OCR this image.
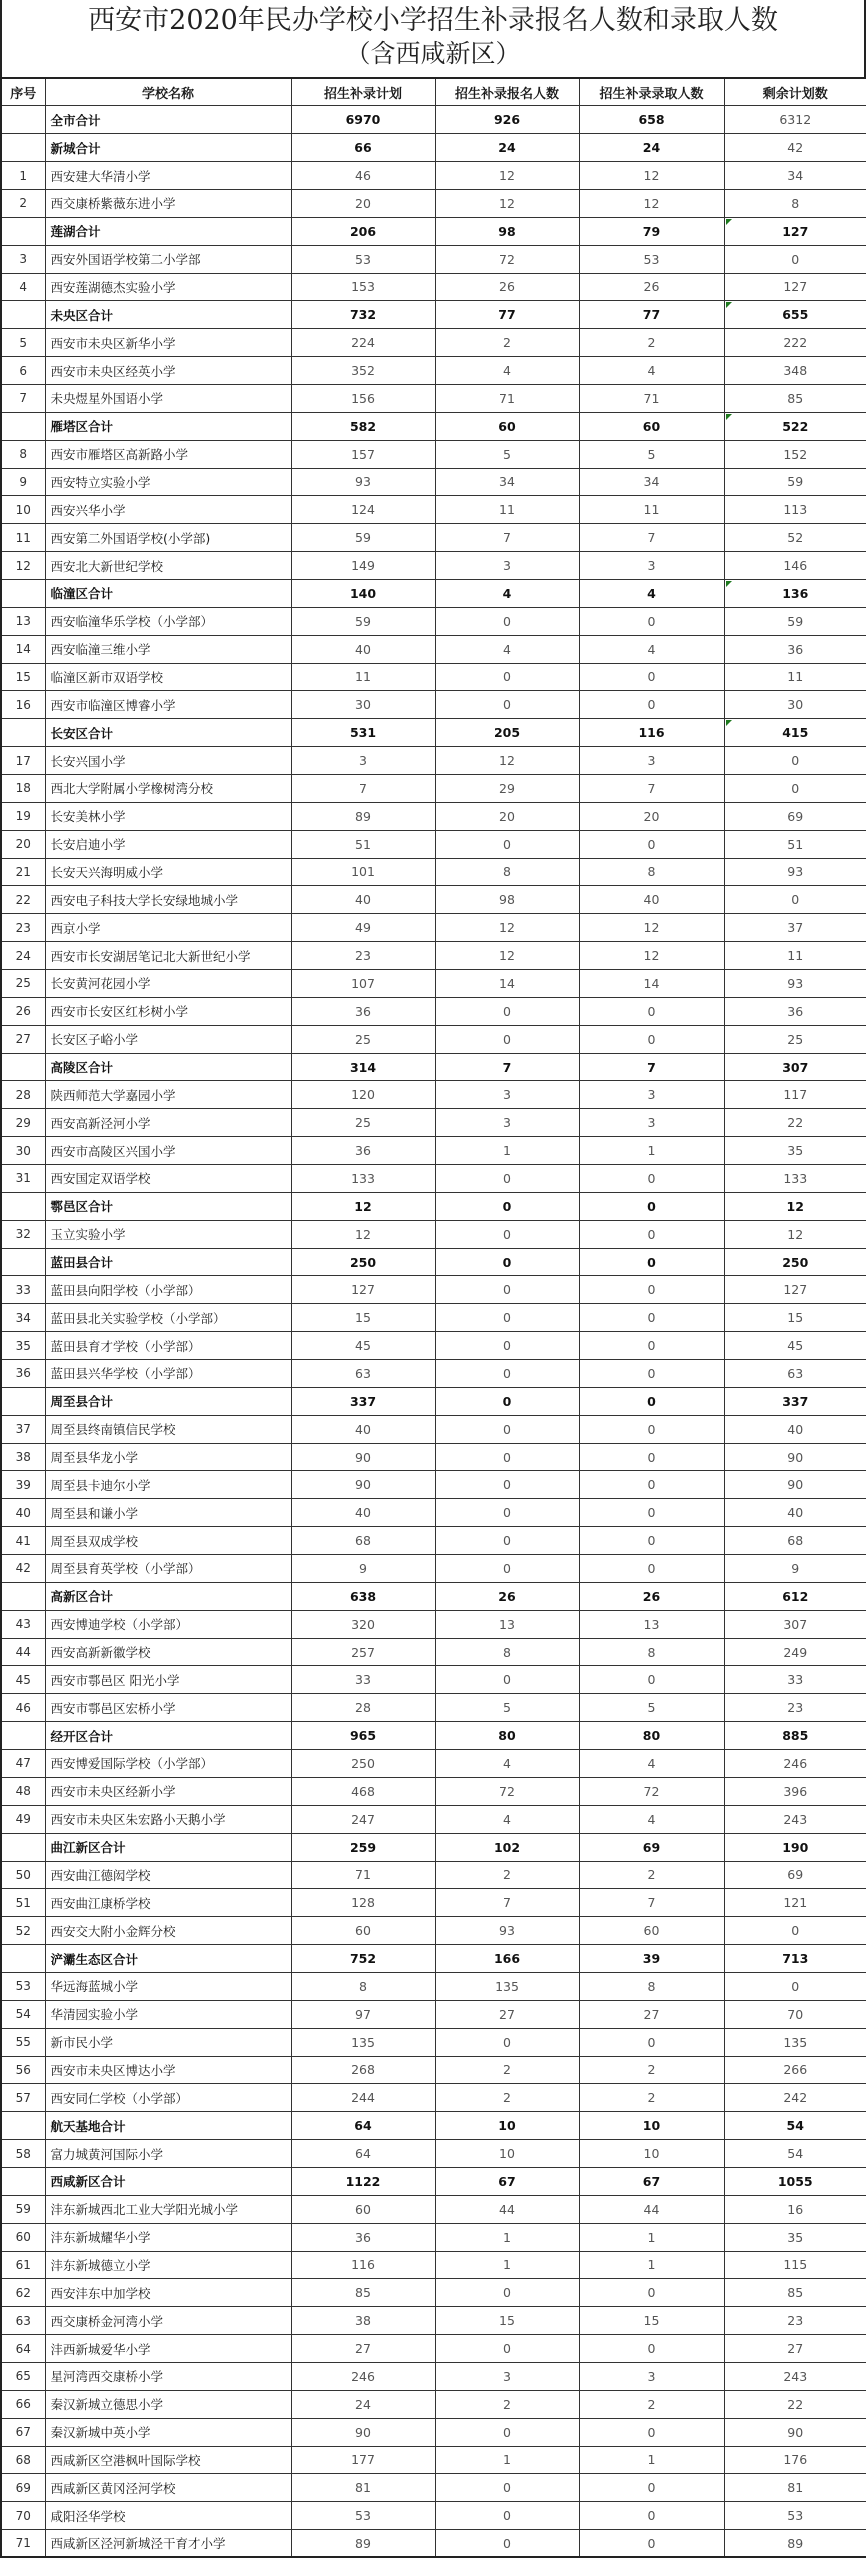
西安市2020年民办学校小学招生补录报名人数和录取人数
（含西咸新区）
序号	学校名称	招生补录计划	招生补录报名人数	招生补录录取人数	剩余计划数
	全市合计	6970	926	658	6312
	新城合计	66	24	24	42
1	西安建大华清小学	46	12	12	34
2	西交康桥紫薇东进小学	20	12	12	8
	莲湖合计	206	98	79	127
3	西安外国语学校第二小学部	53	72	53	0
4	西安莲湖德杰实验小学	153	26	26	127
	未央区合计	732	77	77	655
5	西安市未央区新华小学	224	2	2	222
6	西安市未央区经英小学	352	4	4	348
7	未央煜星外国语小学	156	71	71	85
	雁塔区合计	582	60	60	522
8	西安市雁塔区高新路小学	157	5	5	152
9	西安特立实验小学	93	34	34	59
10	西安兴华小学	124	11	11	113
11	西安第二外国语学校(小学部)	59	7	7	52
12	西安北大新世纪学校	149	3	3	146
	临潼区合计	140	4	4	136
13	西安临潼华乐学校（小学部）	59	0	0	59
14	西安临潼三维小学	40	4	4	36
15	临潼区新市双语学校	11	0	0	11
16	西安市临潼区博睿小学	30	0	0	30
	长安区合计	531	205	116	415
17	长安兴国小学	3	12	3	0
18	西北大学附属小学橡树湾分校	7	29	7	0
19	长安美林小学	89	20	20	69
20	长安启迪小学	51	0	0	51
21	长安天兴海明威小学	101	8	8	93
22	西安电子科技大学长安绿地城小学	40	98	40	0
23	西京小学	49	12	12	37
24	西安市长安湖居笔记北大新世纪小学	23	12	12	11
25	长安黄河花园小学	107	14	14	93
26	西安市长安区红杉树小学	36	0	0	36
27	长安区子峪小学	25	0	0	25
	高陵区合计	314	7	7	307
28	陕西师范大学嘉园小学	120	3	3	117
29	西安高新泾河小学	25	3	3	22
30	西安市高陵区兴国小学	36	1	1	35
31	西安国定双语学校	133	0	0	133
	鄠邑区合计	12	0	0	12
32	玉立实验小学	12	0	0	12
	蓝田县合计	250	0	0	250
33	蓝田县向阳学校（小学部）	127	0	0	127
34	蓝田县北关实验学校（小学部）	15	0	0	15
35	蓝田县育才学校（小学部）	45	0	0	45
36	蓝田县兴华学校（小学部）	63	0	0	63
	周至县合计	337	0	0	337
37	周至县终南镇信民学校	40	0	0	40
38	周至县华龙小学	90	0	0	90
39	周至县卡迪尔小学	90	0	0	90
40	周至县和谦小学	40	0	0	40
41	周至县双成学校	68	0	0	68
42	周至县育英学校（小学部）	9	0	0	9
	高新区合计	638	26	26	612
43	西安博迪学校（小学部）	320	13	13	307
44	西安高新新徽学校	257	8	8	249
45	西安市鄠邑区 阳光小学	33	0	0	33
46	西安市鄠邑区宏桥小学	28	5	5	23
	经开区合计	965	80	80	885
47	西安博爱国际学校（小学部）	250	4	4	246
48	西安市未央区经新小学	468	72	72	396
49	西安市未央区朱宏路小天鹅小学	247	4	4	243
	曲江新区合计	259	102	69	190
50	西安曲江德闳学校	71	2	2	69
51	西安曲江康桥学校	128	7	7	121
52	西安交大附小金辉分校	60	93	60	0
	浐灞生态区合计	752	166	39	713
53	华远海蓝城小学	8	135	8	0
54	华清园实验小学	97	27	27	70
55	新市民小学	135	0	0	135
56	西安市未央区博达小学	268	2	2	266
57	西安同仁学校（小学部）	244	2	2	242
	航天基地合计	64	10	10	54
58	富力城黄河国际小学	64	10	10	54
	西咸新区合计	1122	67	67	1055
59	沣东新城西北工业大学阳光城小学	60	44	44	16
60	沣东新城耀华小学	36	1	1	35
61	沣东新城德立小学	116	1	1	115
62	西安沣东中加学校	85	0	0	85
63	西交康桥金河湾小学	38	15	15	23
64	沣西新城爱华小学	27	0	0	27
65	星河湾西交康桥小学	246	3	3	243
66	秦汉新城立德思小学	24	2	2	22
67	秦汉新城中英小学	90	0	0	90
68	西咸新区空港枫叶国际学校	177	1	1	176
69	西咸新区黄冈泾河学校	81	0	0	81
70	咸阳泾华学校	53	0	0	53
71	西咸新区泾河新城泾干育才小学	89	0	0	89
